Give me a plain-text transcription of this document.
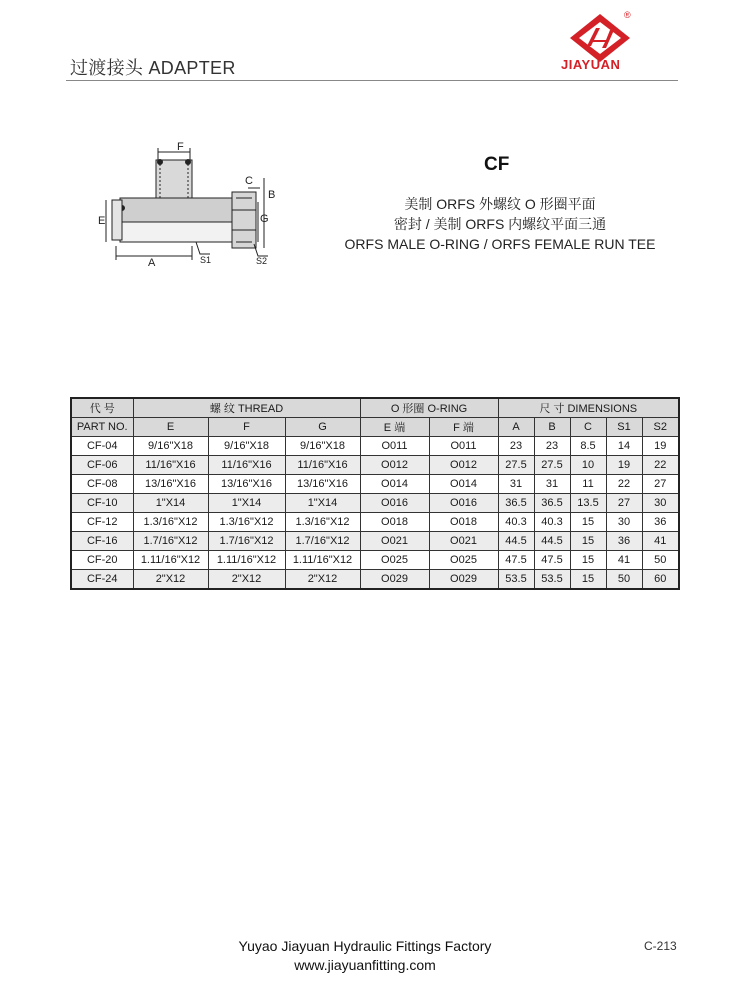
过渡接头 ADAPTER
®
JIAYUAN
F
C
B
E	G
A	S1	S2
CF
美制 ORFS 外螺纹 O 形圈平面
密封 / 美制 ORFS 内螺纹平面三通
ORFS MALE O-RING / ORFS FEMALE RUN TEE
代 号	螺 纹 THREAD			O 形圈 O-RING		尺 寸 DIMENSIONS				
PART NO.	E	F	G	E 端	F 端	A	B	C	S1	S2
CF-04	9/16"X18	9/16"X18	9/16"X18	O011	O011	23	23	8.5	14	19
CF-06	11/16"X16	11/16"X16	11/16"X16	O012	O012	27.5	27.5	10	19	22
CF-08	13/16"X16	13/16"X16	13/16"X16	O014	O014	31	31	11	22	27
CF-10	1"X14	1"X14	1"X14	O016	O016	36.5	36.5	13.5	27	30
CF-12	1.3/16"X12	1.3/16"X12	1.3/16"X12	O018	O018	40.3	40.3	15	30	36
CF-16	1.7/16"X12	1.7/16"X12	1.7/16"X12	O021	O021	44.5	44.5	15	36	41
CF-20	1.11/16"X12	1.11/16"X12	1.11/16"X12	O025	O025	47.5	47.5	15	41	50
CF-24	2"X12	2"X12	2"X12	O029	O029	53.5	53.5	15	50	60
Yuyao Jiayuan Hydraulic Fittings Factory
www.jiayuanfitting.com
C-213
